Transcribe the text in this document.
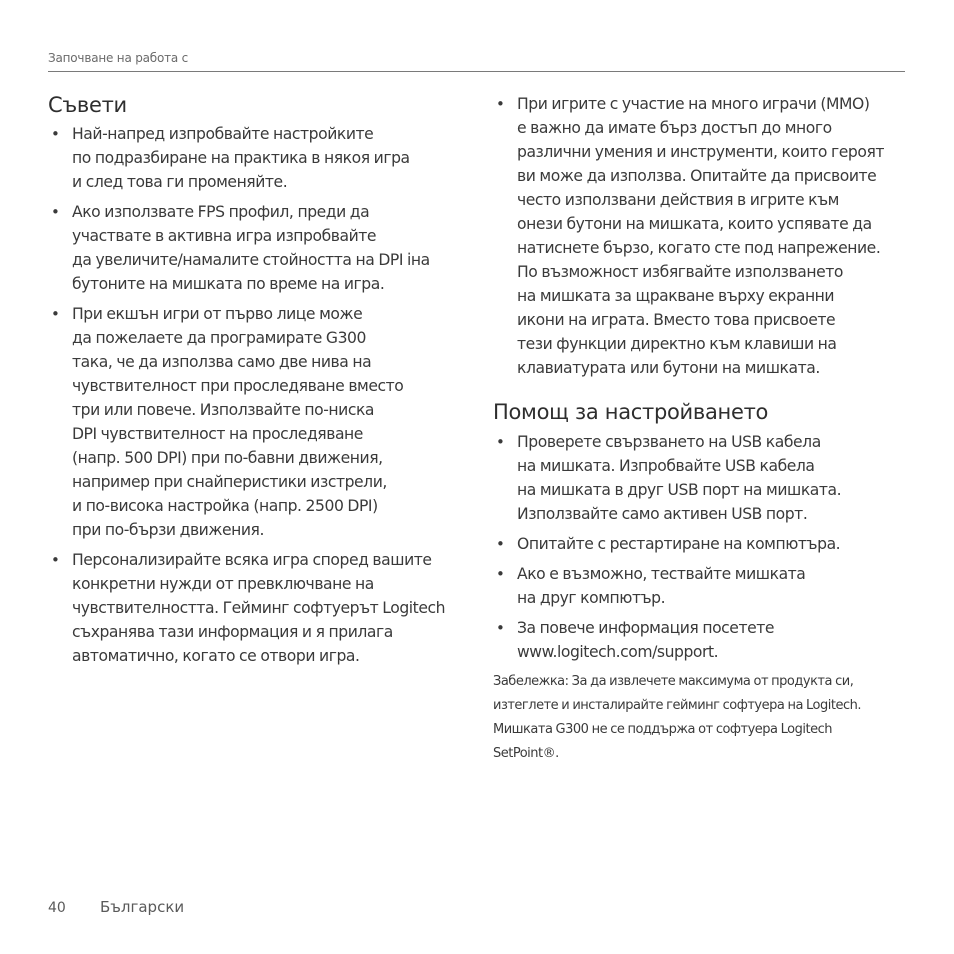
Започване на работа с
Съвети
• Най-напред изпробвайте настройките
по подразбиране на практика в някоя игра
и след това ги променяйте.
• Ако използвате FPS профил, преди да
участвате в активна игра изпробвайте
да увеличите/намалите стойността на DPI іна
бутоните на мишката по време на игра.
• При екшън игри от първо лице може
да пожелаете да програмирате G300
така, че да използва само две нива на
чувствителност при проследяване вместо
три или повече. Използвайте по-ниска
DPI чувствителност на проследяване
(напр. 500 DPI) при по-бавни движения,
например при снайперистики изстрели,
и по-висока настройка (напр. 2500 DPI)
при по-бързи движения.
• Персонализирайте всяка игра според вашите
конкретни нужди от превключване на
чувствителността. Гейминг софтуерът Logitech
съхранява тази информация и я прилага
автоматично, когато се отвори игра.
• При игрите с участие на много играчи (MMO)
е важно да имате бърз достъп до много
различни умения и инструменти, които героят
ви може да използва. Опитайте да присвоите
често използвани действия в игрите към
онези бутони на мишката, които успявате да
натиснете бързо, когато сте под напрежение.
По възможност избягвайте използването
на мишката за щракване върху екранни
икони на играта. Вместо това присвоете
тези функции директно към клавиши на
клавиатурата или бутони на мишката.
Помощ за настройването
• Проверете свързването на USB кабела
на мишката. Изпробвайте USB кабела
на мишката в друг USB порт на мишката.
Използвайте само активен USB порт.
• Опитайте с рестартиране на компютъра.
• Ако е възможно, тествайте мишката
на друг компютър.
• За повече информация посетете
www.logitech.com/support.
Забележка: За да извлечете максимума от продукта си,
изтеглете и инсталирайте гейминг софтуера на Logitech.
Мишката G300 не се поддържа от софтуера Logitech
SetPoint®.
40 Български
